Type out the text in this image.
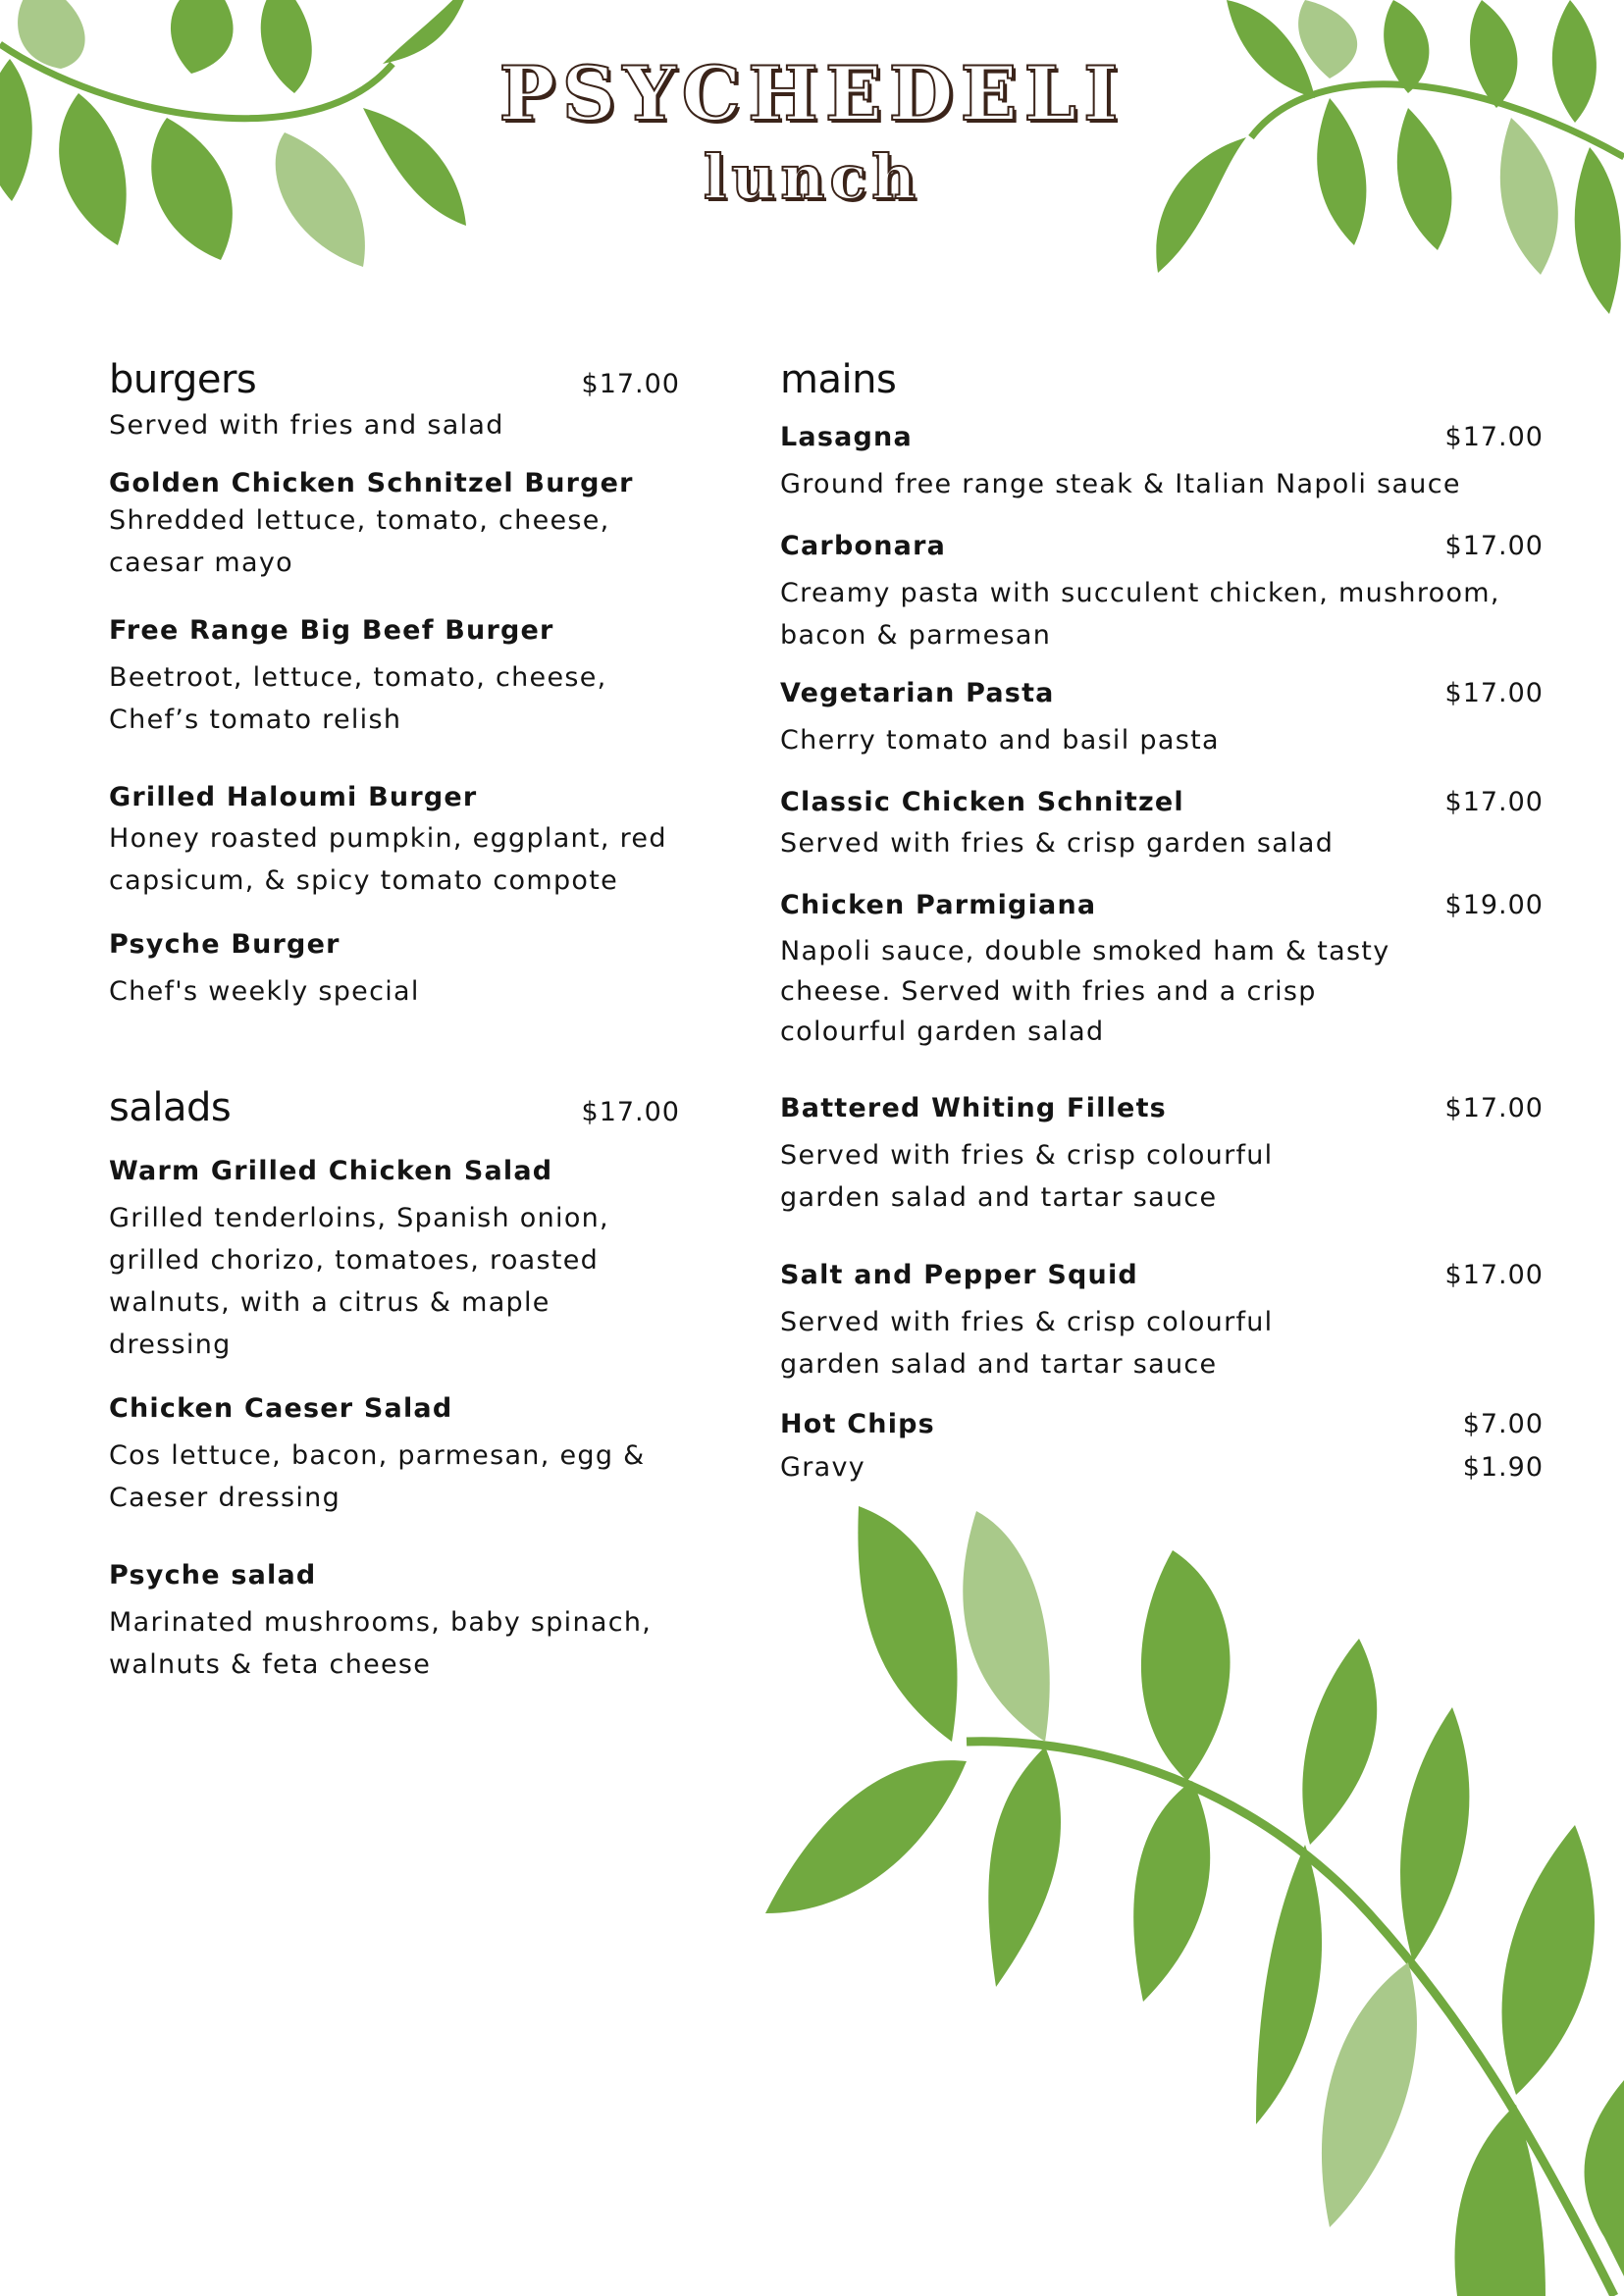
PSYCHEDELI
lunch
burgers	$17.00
Served with fries and salad
Golden Chicken Schnitzel Burger
Shredded lettuce, tomato, cheese, caesar mayo
Free Range Big Beef Burger
Beetroot, lettuce, tomato, cheese, Chef’s tomato relish
Grilled Haloumi Burger
Honey roasted pumpkin, eggplant, red capsicum, & spicy tomato compote
Psyche Burger
Chef's weekly special
salads	$17.00
Warm Grilled Chicken Salad
Grilled tenderloins, Spanish onion, grilled chorizo, tomatoes, roasted walnuts, with a citrus & maple dressing
Chicken Caeser Salad
Cos lettuce, bacon, parmesan, egg & Caeser dressing
Psyche salad
Marinated mushrooms, baby spinach, walnuts & feta cheese
mains
Lasagna	$17.00
Ground free range steak & Italian Napoli sauce
Carbonara	$17.00
Creamy pasta with succulent chicken, mushroom, bacon & parmesan
Vegetarian Pasta	$17.00
Cherry tomato and basil pasta
Classic Chicken Schnitzel	$17.00
Served with fries & crisp garden salad
Chicken Parmigiana	$19.00
Napoli sauce, double smoked ham & tasty cheese. Served with fries and a crisp colourful garden salad
Battered Whiting Fillets	$17.00
Served with fries & crisp colourful garden salad and tartar sauce
Salt and Pepper Squid	$17.00
Served with fries & crisp colourful garden salad and tartar sauce
Hot Chips	$7.00
Gravy	$1.90
